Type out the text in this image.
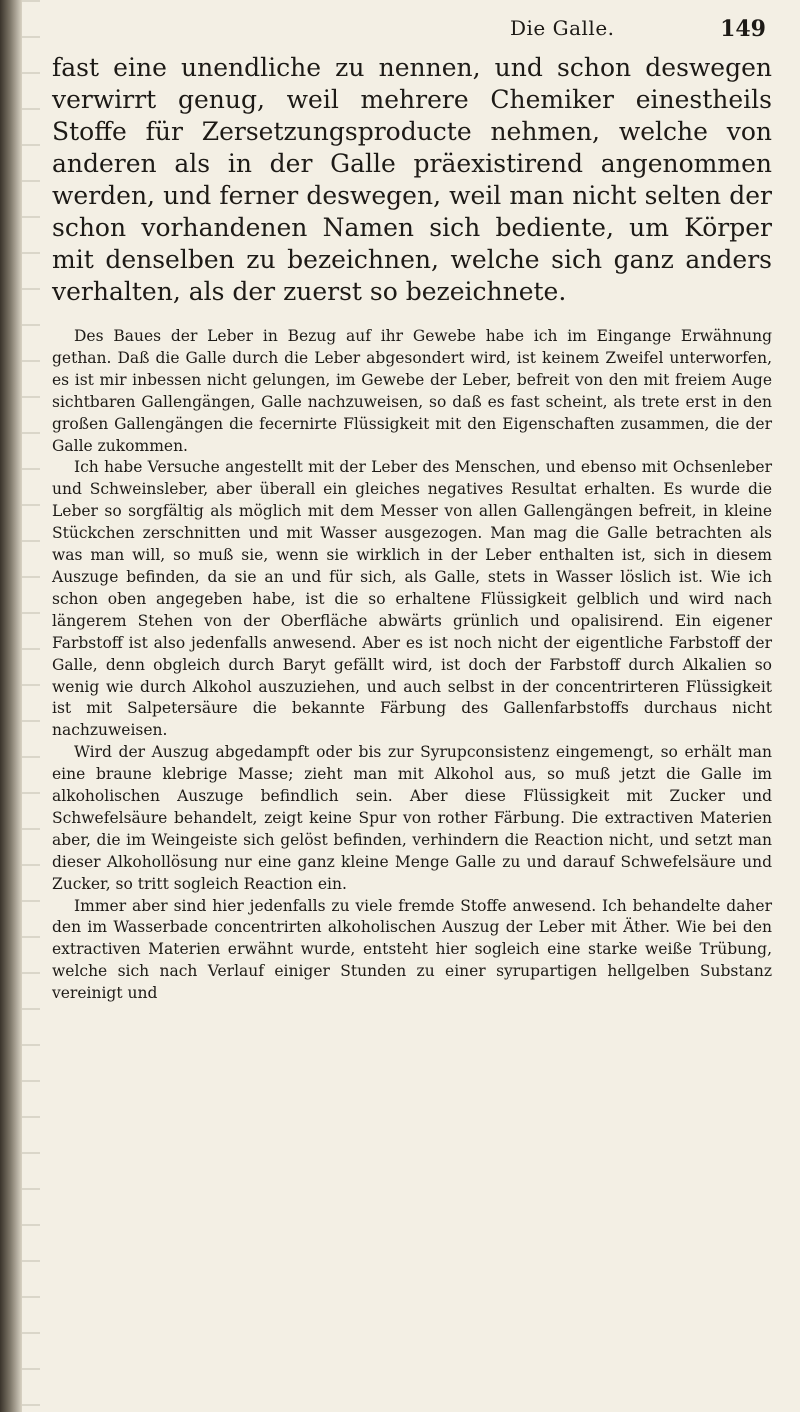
Die Galle.	149

fast eine unendliche zu nennen, und schon deswegen verwirrt genug, weil mehrere Chemiker einestheils Stoffe für Zersetzungsproducte nehmen, welche von anderen als in der Galle präexistirend angenommen werden, und ferner deswegen, weil man nicht selten der schon vorhandenen Namen sich bediente, um Körper mit denselben zu bezeichnen, welche sich ganz anders verhalten, als der zuerst so bezeichnete.

Des Baues der Leber in Bezug auf ihr Gewebe habe ich im Eingange Erwähnung gethan. Daß die Galle durch die Leber abgesondert wird, ist keinem Zweifel unterworfen, es ist mir inbessen nicht gelungen, im Gewebe der Leber, befreit von den mit freiem Auge sichtbaren Gallengängen, Galle nachzuweisen, so daß es fast scheint, als trete erst in den großen Gallengängen die fecernirte Flüssigkeit mit den Eigenschaften zusammen, die der Galle zukommen.

Ich habe Versuche angestellt mit der Leber des Menschen, und ebenso mit Ochsenleber und Schweinsleber, aber überall ein gleiches negatives Resultat erhalten. Es wurde die Leber so sorgfältig als möglich mit dem Messer von allen Gallengängen befreit, in kleine Stückchen zerschnitten und mit Wasser ausgezogen. Man mag die Galle betrachten als was man will, so muß sie, wenn sie wirklich in der Leber enthalten ist, sich in diesem Auszuge befinden, da sie an und für sich, als Galle, stets in Wasser löslich ist. Wie ich schon oben angegeben habe, ist die so erhaltene Flüssigkeit gelblich und wird nach längerem Stehen von der Oberfläche abwärts grünlich und opalisirend. Ein eigener Farbstoff ist also jedenfalls anwesend. Aber es ist noch nicht der eigentliche Farbstoff der Galle, denn obgleich durch Baryt gefällt wird, ist doch der Farbstoff durch Alkalien so wenig wie durch Alkohol auszuziehen, und auch selbst in der concentrirteren Flüssigkeit ist mit Salpetersäure die bekannte Färbung des Gallenfarbstoffs durchaus nicht nachzuweisen.

Wird der Auszug abgedampft oder bis zur Syrupconsistenz eingemengt, so erhält man eine braune klebrige Masse; zieht man mit Alkohol aus, so muß jetzt die Galle im alkoholischen Auszuge befindlich sein. Aber diese Flüssigkeit mit Zucker und Schwefelsäure behandelt, zeigt keine Spur von rother Färbung. Die extractiven Materien aber, die im Weingeiste sich gelöst befinden, verhindern die Reaction nicht, und setzt man dieser Alkohollösung nur eine ganz kleine Menge Galle zu und darauf Schwefelsäure und Zucker, so tritt sogleich Reaction ein.

Immer aber sind hier jedenfalls zu viele fremde Stoffe anwesend. Ich behandelte daher den im Wasserbade concentrirten alkoholischen Auszug der Leber mit Äther. Wie bei den extractiven Materien erwähnt wurde, entsteht hier sogleich eine starke weiße Trübung, welche sich nach Verlauf einiger Stunden zu einer syrupartigen hellgelben Substanz vereinigt und
